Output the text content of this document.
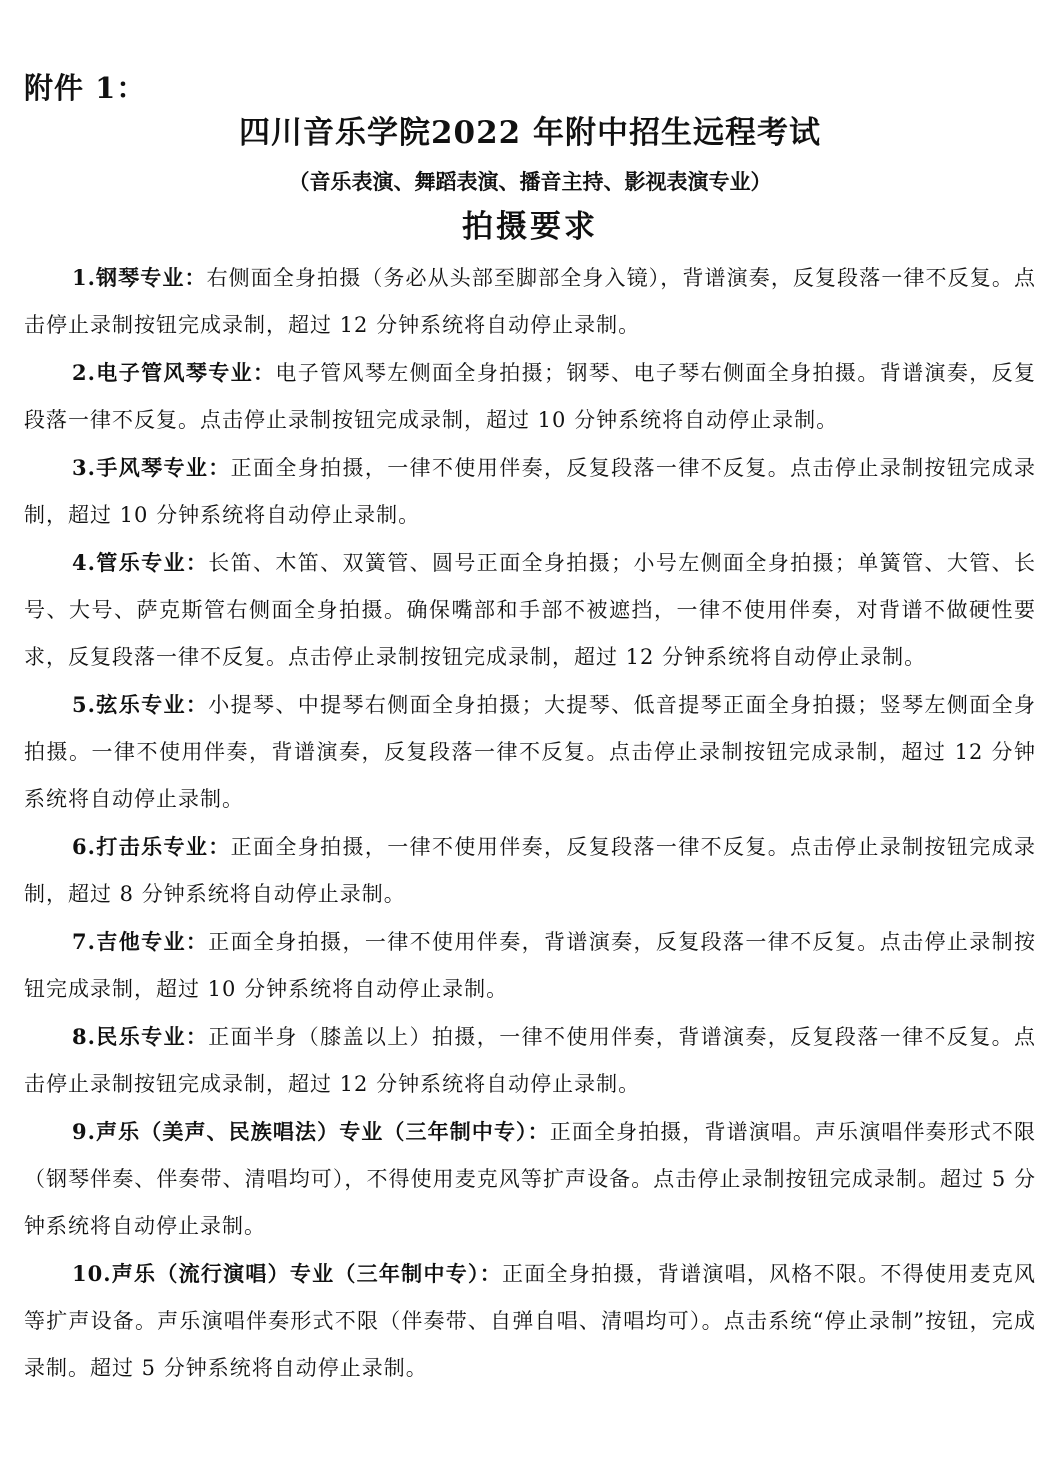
附件 1：
四川音乐学院2022 年附中招生远程考试
（音乐表演、舞蹈表演、播音主持、影视表演专业）
拍摄要求

1.钢琴专业：右侧面全身拍摄（务必从头部至脚部全身入镜），背谱演奏，反复段落一律不反复。点击停止录制按钮完成录制，超过 12 分钟系统将自动停止录制。

2.电子管风琴专业：电子管风琴左侧面全身拍摄；钢琴、电子琴右侧面全身拍摄。背谱演奏，反复段落一律不反复。点击停止录制按钮完成录制，超过 10 分钟系统将自动停止录制。

3.手风琴专业：正面全身拍摄，一律不使用伴奏，反复段落一律不反复。点击停止录制按钮完成录制，超过 10 分钟系统将自动停止录制。

4.管乐专业：长笛、木笛、双簧管、圆号正面全身拍摄；小号左侧面全身拍摄；单簧管、大管、长号、大号、萨克斯管右侧面全身拍摄。确保嘴部和手部不被遮挡，一律不使用伴奏，对背谱不做硬性要求，反复段落一律不反复。点击停止录制按钮完成录制，超过 12 分钟系统将自动停止录制。

5.弦乐专业：小提琴、中提琴右侧面全身拍摄；大提琴、低音提琴正面全身拍摄；竖琴左侧面全身拍摄。一律不使用伴奏，背谱演奏，反复段落一律不反复。点击停止录制按钮完成录制，超过 12 分钟系统将自动停止录制。

6.打击乐专业：正面全身拍摄，一律不使用伴奏，反复段落一律不反复。点击停止录制按钮完成录制，超过 8 分钟系统将自动停止录制。

7.吉他专业：正面全身拍摄，一律不使用伴奏，背谱演奏，反复段落一律不反复。点击停止录制按钮完成录制，超过 10 分钟系统将自动停止录制。

8.民乐专业：正面半身（膝盖以上）拍摄，一律不使用伴奏，背谱演奏，反复段落一律不反复。点击停止录制按钮完成录制，超过 12 分钟系统将自动停止录制。

9.声乐（美声、民族唱法）专业（三年制中专）：正面全身拍摄，背谱演唱。声乐演唱伴奏形式不限（钢琴伴奏、伴奏带、清唱均可），不得使用麦克风等扩声设备。点击停止录制按钮完成录制。超过 5 分钟系统将自动停止录制。

10.声乐（流行演唱）专业（三年制中专）：正面全身拍摄，背谱演唱，风格不限。不得使用麦克风等扩声设备。声乐演唱伴奏形式不限（伴奏带、自弹自唱、清唱均可）。点击系统“停止录制”按钮，完成录制。超过 5 分钟系统将自动停止录制。
